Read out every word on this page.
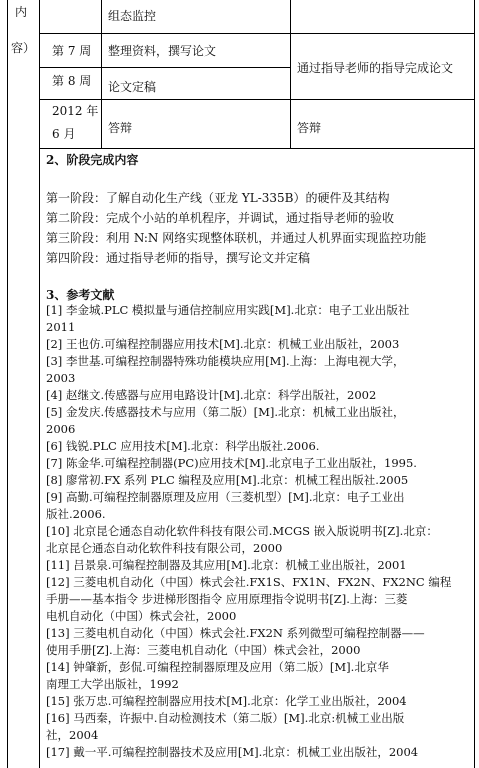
内
容）
组态监控
第 7 周 整理资料，撰写论文
第 8 周 论文定稿
通过指导老师的指导完成论文
2012 年
6 月	答辩	答辩
2、阶段完成内容
第一阶段：了解自动化生产线（亚龙 YL-335B）的硬件及其结构
第二阶段：完成个小站的单机程序，并调试，通过指导老师的验收
第三阶段：利用 N:N 网络实现整体联机，并通过人机界面实现监控功能
第四阶段：通过指导老师的指导，撰写论文并定稿
3、参考文献
[1] 李金城.PLC 模拟量与通信控制应用实践[M].北京：电子工业出版社
2011
[2] 王也仿.可编程控制器应用技术[M].北京：机械工业出版社，2003
[3] 李世基.可编程控制器特殊功能模块应用[M].上海：上海电视大学，
2003
[4] 赵继文.传感器与应用电路设计[M].北京：科学出版社，2002
[5] 金发庆.传感器技术与应用（第二版）[M].北京：机械工业出版社，
2006
[6] 钱锐.PLC 应用技术[M].北京：科学出版社.2006.
[7] 陈金华.可编程控制器(PC)应用技术[M].北京电子工业出版社，1995.
[8] 廖常初.FX 系列 PLC 编程及应用[M].北京：机械工程出版社.2005
[9] 高勤.可编程控制器原理及应用（三菱机型）[M].北京：电子工业出
版社.2006.
[10] 北京昆仑通态自动化软件科技有限公司.MCGS 嵌入版说明书[Z].北京：
北京昆仑通态自动化软件科技有限公司，2000
[11] 吕景泉.可编程控制器及其应用[M].北京：机械工业出版社，2001
[12] 三菱电机自动化（中国）株式会社.FX1S、FX1N、FX2N、FX2NC 编程
手册——基本指令 步进梯形图指令 应用原理指令说明书[Z].上海：三菱
电机自动化（中国）株式会社，2000
[13] 三菱电机自动化（中国）株式会社.FX2N 系列微型可编程控制器——
使用手册[Z].上海：三菱电机自动化（中国）株式会社，2000
[14] 钟肇新，彭侃.可编程控制器原理及应用（第二版）[M].北京华
南理工大学出版社，1992
[15] 张万忠.可编程控制器应用技术[M].北京：化学工业出版社，2004
[16] 马西秦，许振中.自动检测技术（第二版）[M].北京:机械工业出版
社，2004
[17] 戴一平.可编程控制器技术及应用[M].北京：机械工业出版社，2004
